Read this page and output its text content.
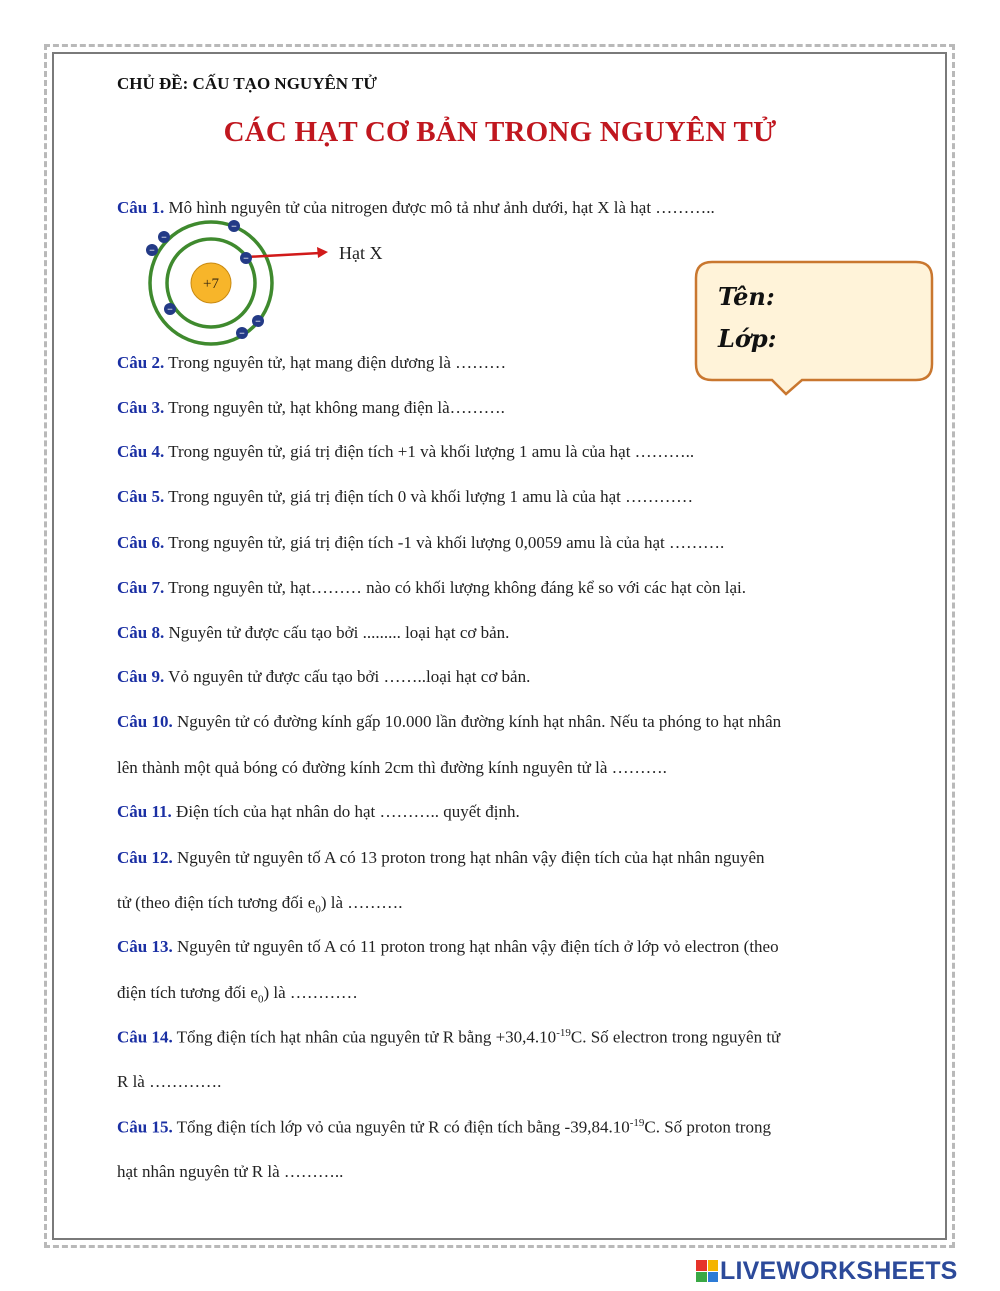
CHỦ ĐỀ: CẤU TẠO NGUYÊN TỬ
CÁC HẠT CƠ BẢN TRONG NGUYÊN TỬ
Câu 1. Mô hình nguyên tử của nitrogen được mô tả như ảnh dưới, hạt X là hạt ………..
+7
−
−
−
−
−
−
−
Hạt X
Tên:
Lớp:
Câu 2. Trong nguyên tử, hạt mang điện dương là ………
Câu 3. Trong nguyên tử, hạt không mang điện là……….
Câu 4. Trong nguyên tử, giá trị điện tích +1 và khối lượng 1 amu là của hạt ………..
Câu 5. Trong nguyên tử, giá trị điện tích 0 và khối lượng 1 amu là của hạt …………
Câu 6. Trong nguyên tử, giá trị điện tích -1 và khối lượng 0,0059 amu là của hạt ……….
Câu 7. Trong nguyên tử, hạt……… nào có khối lượng không đáng kể so với các hạt còn lại.
Câu 8. Nguyên tử được cấu tạo bởi ......... loại hạt cơ bản.
Câu 9. Vỏ nguyên tử được cấu tạo bởi ……..loại hạt cơ bản.
Câu 10. Nguyên tử có đường kính gấp 10.000 lần đường kính hạt nhân. Nếu ta phóng to hạt nhân
lên thành một quả bóng có đường kính 2cm thì đường kính nguyên tử là ……….
Câu 11. Điện tích của hạt nhân do hạt ……….. quyết định.
Câu 12. Nguyên tử nguyên tố A có 13 proton trong hạt nhân vậy điện tích của hạt nhân nguyên
tử (theo điện tích tương đối $e_0$) là ……….
Câu 13. Nguyên tử nguyên tố A có 11 proton trong hạt nhân vậy điện tích ở lớp vỏ electron (theo
điện tích tương đối $e_0$) là …………
Câu 14. Tổng điện tích hạt nhân của nguyên tử R bằng $+30,4.10^{-19}C$. Số electron trong nguyên tử
R là ………….
Câu 15. Tổng điện tích lớp vỏ của nguyên tử R có điện tích bằng $-39,84.10^{-19}C$. Số proton trong
hạt nhân nguyên tử R là ………..
LIVEWORKSHEETS
